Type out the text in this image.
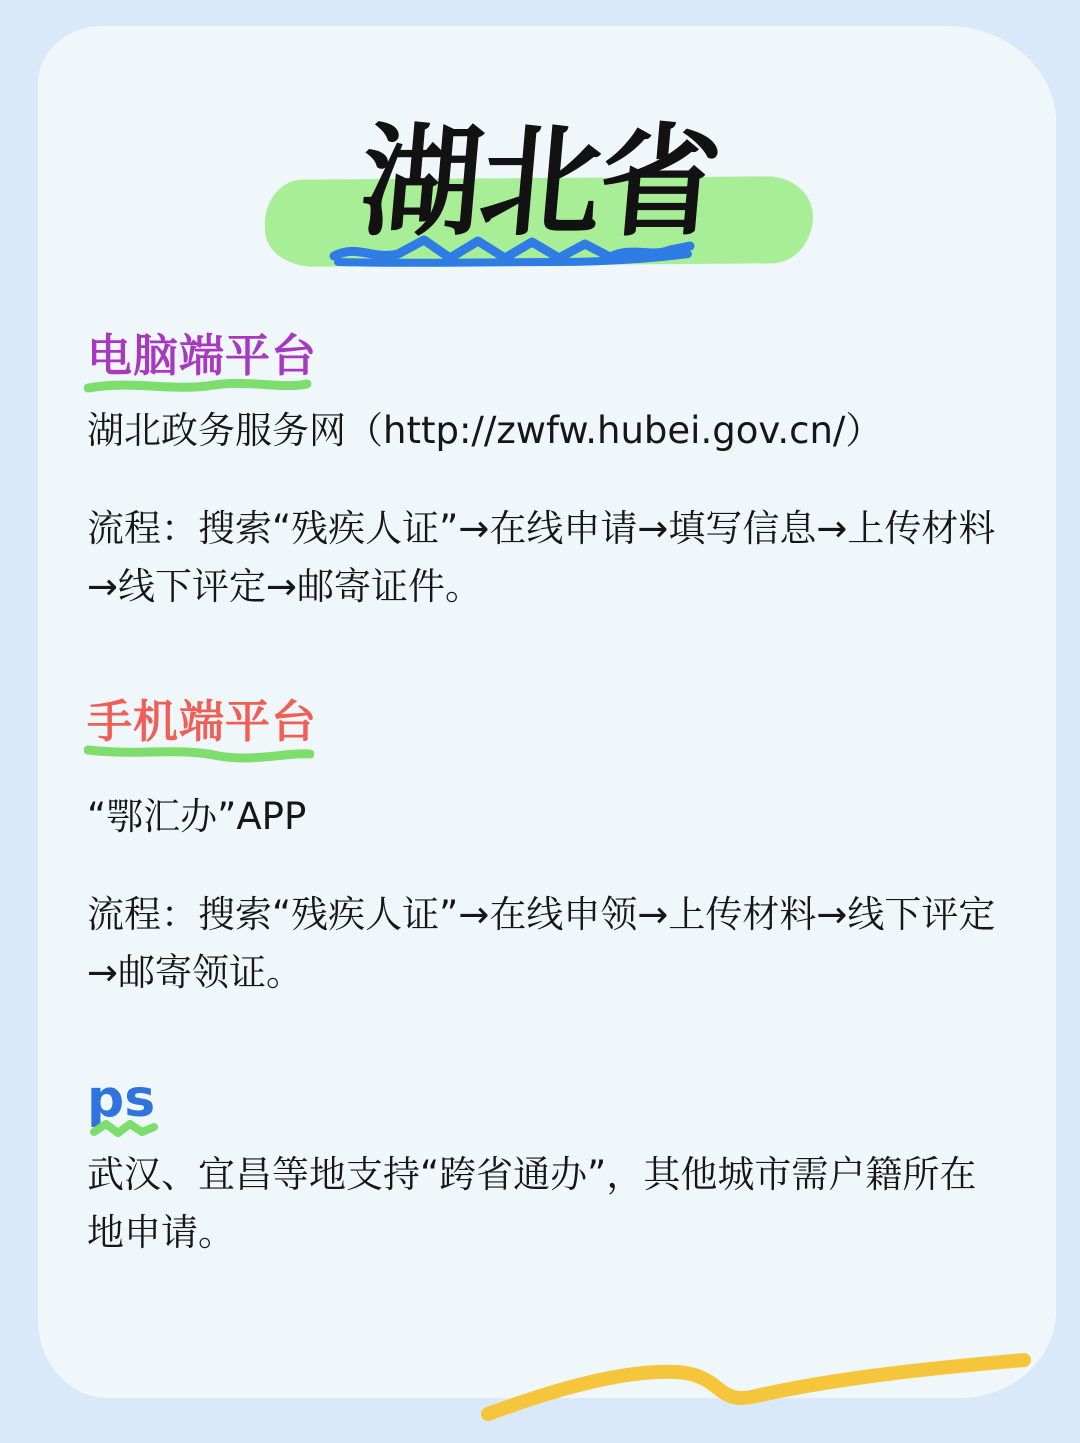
湖北省
电脑端平台

湖北政务服务网（http://zwfw.hubei.gov.cn/）

流程：搜索“残疾人证”→在线申请→填写信息→上传材料→线下评定→邮寄证件。

手机端平台

“鄂汇办”APP

流程：搜索“残疾人证”→在线申领→上传材料→线下评定→邮寄领证。

ps

武汉、宜昌等地支持“跨省通办”，其他城市需户籍所在地申请。
